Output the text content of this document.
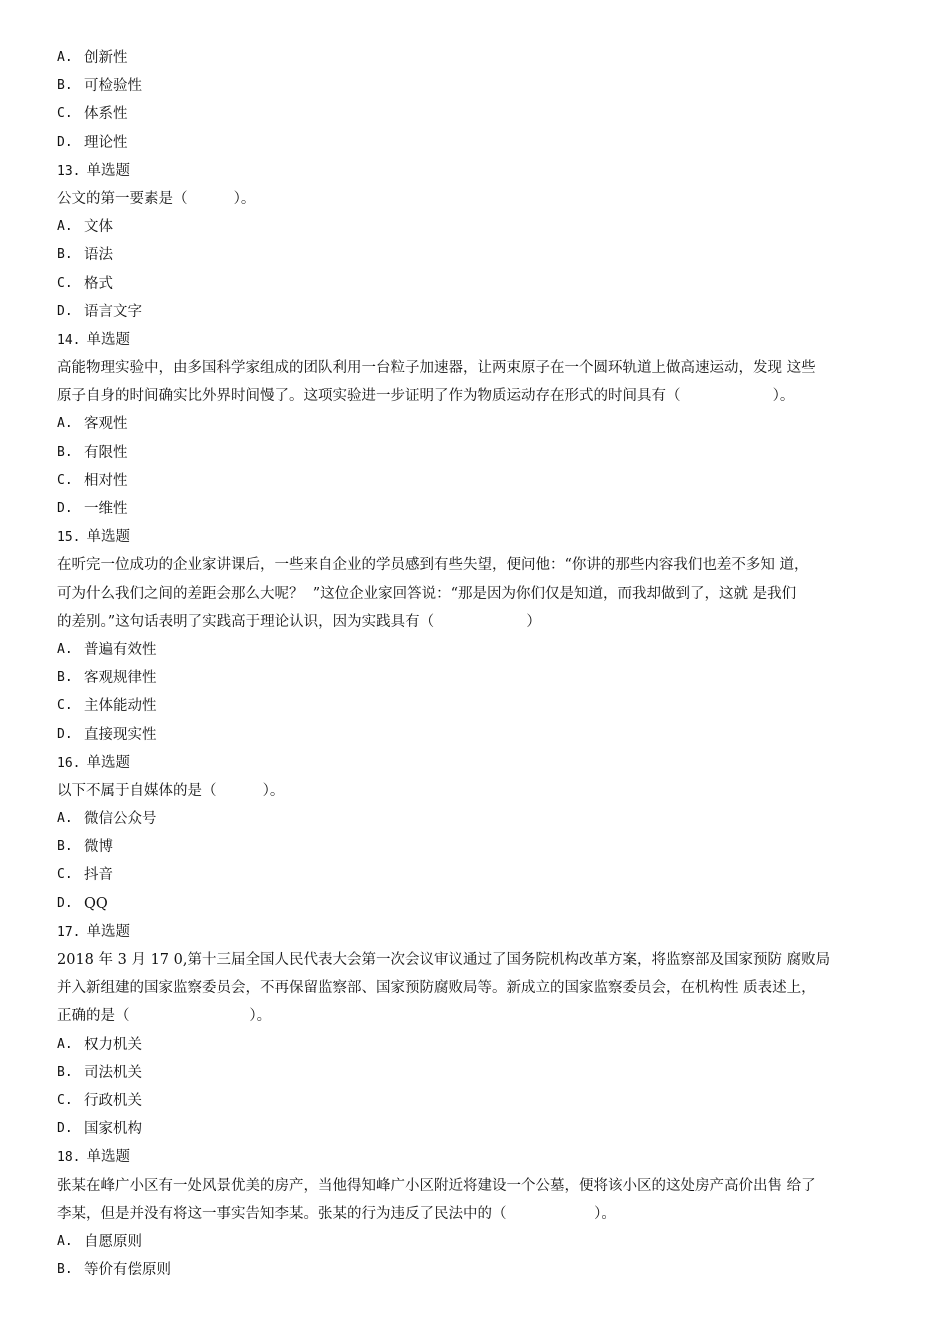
A. 创新性
B. 可检验性
C. 体系性
D. 理论性
13. 单选题
公文的第一要素是（          ）。
A. 文体
B. 语法
C. 格式
D. 语言文字
14. 单选题
高能物理实验中，由多国科学家组成的团队利用一台粒子加速器，让两束原子在一个圆环轨道上做高速运动，发现 这些
原子自身的时间确实比外界时间慢了。这项实验进一步证明了作为物质运动存在形式的时间具有（                    ）。
A. 客观性
B. 有限性
C. 相对性
D. 一维性
15. 单选题
在听完一位成功的企业家讲课后，一些来自企业的学员感到有些失望，便问他：“你讲的那些内容我们也差不多知 道，
可为什么我们之间的差距会那么大呢？  ”这位企业家回答说：“那是因为你们仅是知道，而我却做到了，这就 是我们
的差别。”这句话表明了实践高于理论认识，因为实践具有（                    ）
A. 普遍有效性
B. 客观规律性
C. 主体能动性
D. 直接现实性
16. 单选题
以下不属于自媒体的是（          ）。
A. 微信公众号
B. 微博
C. 抖音
D. QQ
17. 单选题
2018 年 3 月 17 0,第十三届全国人民代表大会第一次会议审议通过了国务院机构改革方案，将监察部及国家预防 腐败局
并入新组建的国家监察委员会，不再保留监察部、国家预防腐败局等。新成立的国家监察委员会，在机构性 质表述上，
正确的是（                          ）。
A. 权力机关
B. 司法机关
C. 行政机关
D. 国家机构
18. 单选题
张某在峰广小区有一处风景优美的房产，当他得知峰广小区附近将建设一个公墓，便将该小区的这处房产高价出售 给了
李某，但是并没有将这一事实告知李某。张某的行为违反了民法中的（                   ）。
A. 自愿原则
B. 等价有偿原则
